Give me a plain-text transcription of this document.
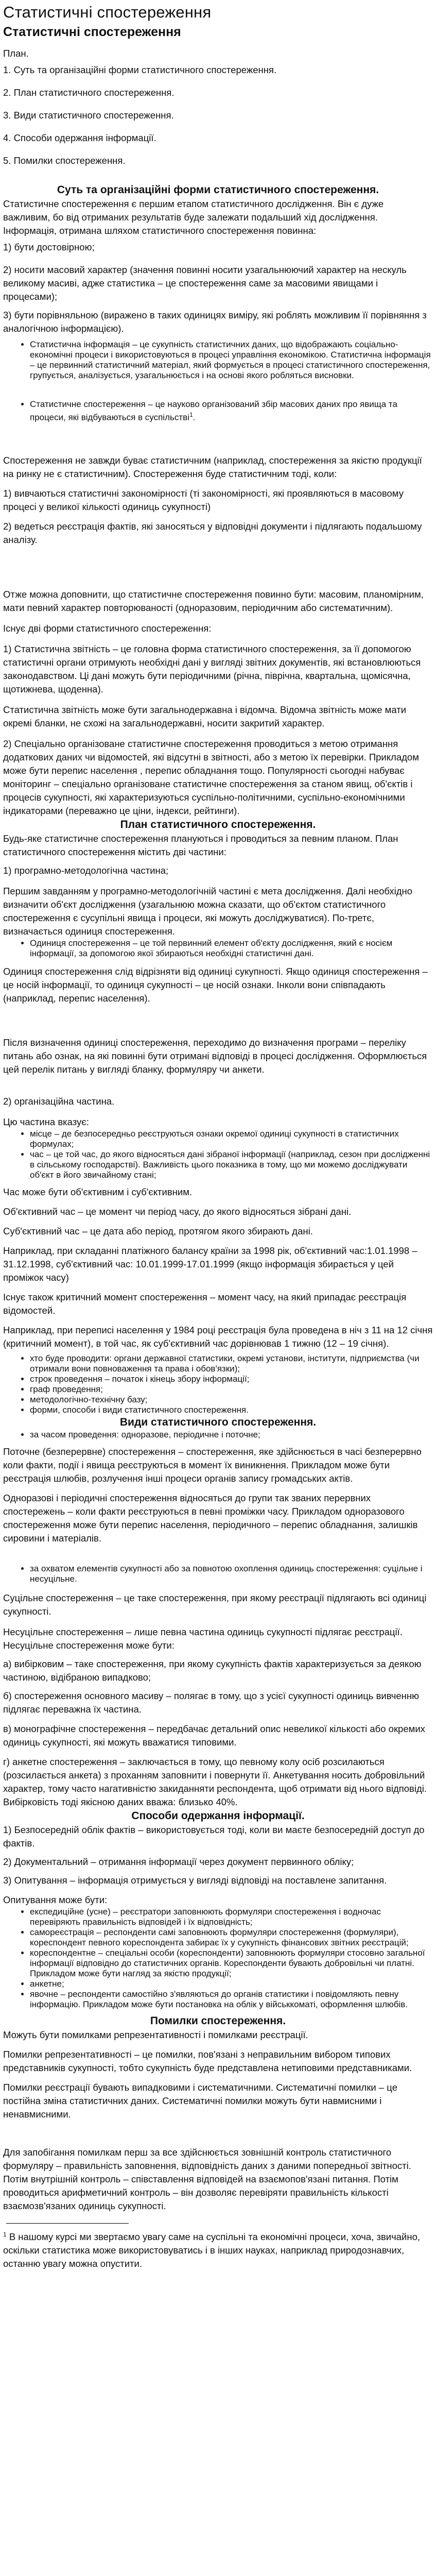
Статистичні спостереження
Статистичні спостереження

План.

1. Суть та організаційні форми статистичного спостереження.
2. План статистичного спостереження.
3. Види статистичного спостереження.
4. Способи одержання інформації.
5. Помилки спостереження.
Суть та організаційні форми статистичного спостереження.

Статистичне спостереження є першим етапом статистичного дослідження. Він є дуже важливим, бо від отриманих результатів буде залежати подальший хід дослідження. Інформація, отримана шляхом статистичного спостереження повинна:

1) бути достовірною;

2) носити масовий характер (значення повинні носити узагальнюючий характер на нескуль великому масиві, адже статистика – це спостереження саме за масовими явищами і процесами);

3) бути порівняльною (виражено в таких одиницях виміру, які роблять можливим її порівняння з аналогічною інформацією).

• Статистична інформація – це сукупність статистичних даних, що відображають соціально-економічні процеси і використовуються в процесі управління економікою. Статистична інформація – це первинний статистичний матеріал, який формується в процесі статистичного спостереження, групується, аналізується, узагальнюється і на основі якого робляться висновки.
• Статистичне спостереження – це науково організований збір масових даних про явища та процеси, які відбуваються в суспільстві$^1$.

Спостереження не завжди буває статистичним (наприклад, спостереження за якістю продукції на ринку не є статистичним). Спостереження буде статистичним тоді, коли:

1) вивчаються статистичні закономірності (ті закономірності, які проявляються в масовому процесі у великої кількості одиниць сукупності)

2) ведеться реєстрація фактів, які заносяться у відповідні документи і підлягають подальшому аналізу.

Отже можна доповнити, що статистичне спостереження повинно бути: масовим, планомірним, мати певний характер повторюваності (одноразовим, періодичним або систематичним).

Існує дві форми статистичного спостереження:

1) Статистична звітність – це головна форма статистичного спостереження, за її допомогою статистичні органи отримують необхідні дані у вигляді звітних документів, які встановлюються законодавством. Ці дані можуть бути періодичними (річна, піврічна, квартальна, щомісячна, щотижнева, щоденна).

Статистична звітність може бути загальнодержавна і відомча. Відомча звітність може мати окремі бланки, не схожі на загальнодержавні, носити закритий характер.

2) Спеціально організоване статистичне спостереження проводиться з метою отримання додаткових даних чи відомостей, які відсутні в звітності, або з метою їх перевірки. Прикладом може бути перепис населення , перепис обладнання тощо. Популярності сьогодні набуває моніторинг – спеціально організоване статистичне спостереження за станом явищ, об'єктів і процесів сукупності, які характеризуються суспільно-політичними, суспільно-економічними індикаторами (переважно це ціни, індекси, рейтинги).

План статистичного спостереження.

Будь-яке статистичне спостереження плануються і проводиться за певним планом. План статистичного спостереження містить дві частини:

1) програмно-методологічна частина;

Першим завданням у програмно-методологічній частині є мета дослідження. Далі необхідно визначити об'єкт дослідження (узагальнюю можна сказати, що об'єктом статистичного спостереження є сусупільні явища і процеси, які можуть досліджуватися). По-третє, визначається одиниця спостереження.

• Одиниця спостереження – це той первинний елемент об'єкту дослідження, який є носієм інформації, за допомогою якої збираються необхідні статистичні дані.

Одиниця спостереження слід відрізняти від одиниці сукупності. Якщо одиниця спостереження – це носій інформації, то одиниця сукупності – це носій ознаки. Інколи вони співпадають (наприклад, перепис населення).

Після визначення одиниці спостереження, переходимо до визначення програми – переліку питань або ознак, на які повинні бути отримані відповіді в процесі дослідження. Оформлюється цей перелік питань у вигляді бланку, формуляру чи анкети.

2) організаційна частина.

Цю частина вказує:

• місце – де безпосередньо реєструються ознаки окремої одиниці сукупності в статистичних формулах;
• час – це той час, до якого відносяться дані зібраної інформації (наприклад, сезон при дослідженні в сільському господарстві). Важливість цього показника в тому, що ми можемо досліджувати об'єкт в його звичайному стані;

Час може бути об'єктивним і суб'єктивним.

Об'єктивний час – це момент чи період часу, до якого відносяться зібрані дані.

Суб'єктивний час – це дата або період, протягом якого збирають дані.

Наприклад, при складанні платіжного балансу країни за 1998 рік, об'єктивний час:1.01.1998 – 31.12.1998, суб'єктивний час: 10.01.1999-17.01.1999 (якщо інформація збирається у цей проміжок часу)

Існує також критичний момент спостереження – момент часу, на який припадає реєстрація відомостей.

Наприклад, при переписі населення у 1984 році реєстрація була проведена в ніч з 11 на 12 січня (критичний момент), в той час, як суб'єктивний час дорівнював 1 тижню (12 – 19 січня).

• хто буде проводити: органи державної статистики, окремі установи, інститути, підприємства (чи отримали вони повноваження та права і обов'язки);
• строк проведення – початок і кінець збору інформації;
• граф проведення;
• методологічно-технічну базу;
• форми, способи і види статистичного спостереження.
Види статистичного спостереження.
• за часом проведення: одноразове, періодичне і поточне;

Поточне (безперервне) спостереження – спостереження, яке здійснюється в часі безперервно коли факти, події і явища реєструються в момент їх виникнення. Прикладом може бути реєстрація шлюбів, розлучення інші процеси органів запису громадських актів.

Одноразові і періодичні спостереження відносяться до групи так званих перервних спостережень – коли факти реєструються в певні проміжки часу. Прикладом одноразового спостереження може бути перепис населення, періодичного – перепис обладнання, залишків сировини і матеріалів.

• за охватом елементів сукупності або за повнотою охоплення одиниць спостереження: суцільне і несуцільне.

Суцільне спостереження – це таке спостереження, при якому реєстрації підлягають всі одиниці сукупності.

Несуцільне спостереження – лише певна частина одиниць сукупності підлягає реєстрації. Несуцільне спостереження може бути:

а) вибірковим – таке спостереження, при якому сукупність фактів характеризується за деякою частиною, відібраною випадково;

б) спостереження основного масиву – полягає в тому, що з усієї сукупності одиниць вивченню підлягає переважна їх частина.

в) монографічне спостереження – передбачає детальний опис невеликої кількості або окремих одиниць сукупності, які можуть вважатися типовими.

г) анкетне спостереження – заключається в тому, що певному колу осіб розсилаються (розсилається анкета) з проханням заповнити і повернути її. Анкетування носить добровільний характер, тому часто нагативністю закиданняти респондента, щоб отримати від нього відповіді. Вибірковість тоді якісною даних вважа: близько 40%.

Способи одержання інформації.

1) Безпосередній облік фактів – використовується тоді, коли ви маєте безпосередній доступ до фактів.

2) Документальний – отримання інформації через документ первинного обліку;

3) Опитування – інформація отримується у вигляді відповіді на поставлене запитання.

Опитування може бути:

• експедиційне (усне) – реєстратори заповнюють формуляри спостереження і водночас перевіряють правильність відповідей і їх відповідність;
• самореєстрація – респонденти самі заповнюють формуляри спостереження (формуляри), кореспондент певного кореспондента забирає їх у сукупність фінансових звітних реєстрацій;
• кореспондентне – спеціальні особи (кореспонденти) заповнюють формуляри стосовно загальної інформації відповідно до статистичних органів. Кореспонденти бувають добровільні чи платні. Прикладом може бути нагляд за якістю продукції;
• анкетне;
• явочне – респонденти самостійно з'являються до органів статистики і повідомляють певну інформацію. Прикладом може бути постановка на облік у військкоматі, оформлення шлюбів.
Помилки спостереження.

Можуть бути помилками репрезентативності і помилками реєстрації.

Помилки репрезентативності – це помилки, пов'язані з неправильним вибором типових представників сукупності, тобто сукупність буде представлена нетиповими представниками.

Помилки реєстрації бувають випадковими і систематичними. Систематичні помилки – це постійна зміна статистичних даних. Систематичні помилки можуть бути навмисними і ненавмисними.

Для запобігання помилкам перш за все здійснюється зовнішній контроль статистичного формуляру – правильність заповнення, відповідність даних з даними попередньої звітності. Потім внутрішній контроль – співставлення відповідей на взаємопов'язані питання. Потім проводиться арифметичний контроль – він дозволяє перевіряти правильність кількості взаємозв'язаних одиниць сукупності.

$^1$ В нашому курсі ми звертаємо увагу саме на суспільні та економічні процеси, хоча, звичайно, оскільки статистика може використовуватись і в інших науках, наприклад природознавчих, останню увагу можна опустити.
